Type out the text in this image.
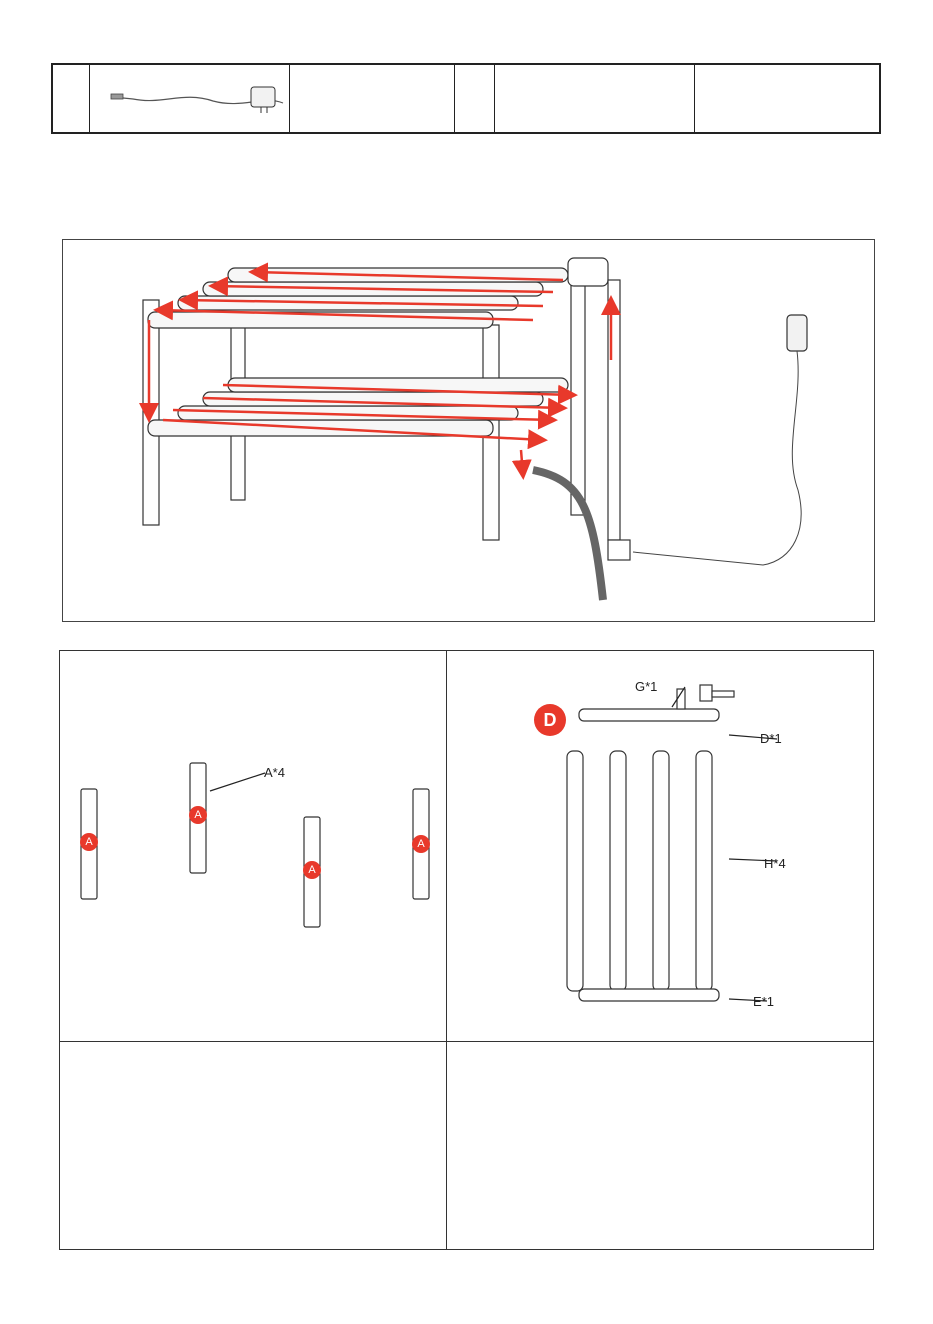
A
A
A
A
A*4
D
G*1
D*1
H*4
E*1
